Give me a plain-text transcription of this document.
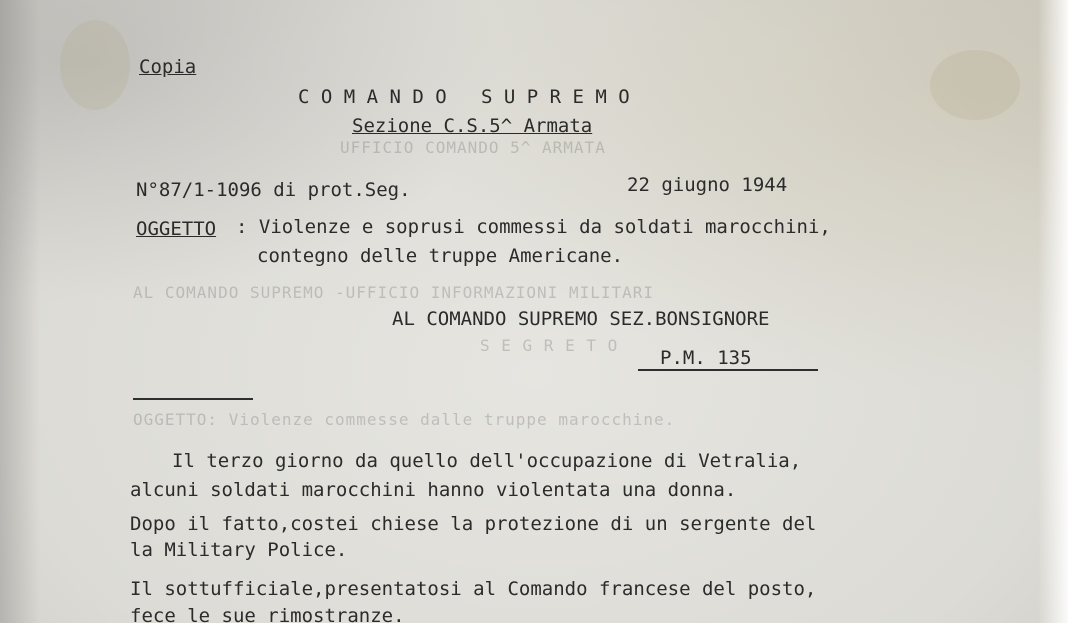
Copia
C O M A N D O   S U P R E M O
Sezione C.S.5^ Armata
UFFICIO COMANDO 5^ ARMATA
N°87/1-1096 di prot.Seg.	22 giugno 1944
OGGETTO : Violenze e soprusi commessi da soldati marocchini,
contegno delle truppe Americane.
AL COMANDO SUPREMO -UFFICIO INFORMAZIONI MILITARI
AL COMANDO SUPREMO SEZ.BONSIGNORE
S E G R E T O
P.M. 135
OGGETTO: Violenze commesse dalle truppe marocchine.
Il terzo giorno da quello dell'occupazione di Vetralia,
alcuni soldati marocchini hanno violentata una donna.
Dopo il fatto,costei chiese la protezione di un sergente del
la Military Police.
Il sottufficiale,presentatosi al Comando francese del posto,
fece le sue rimostranze.
